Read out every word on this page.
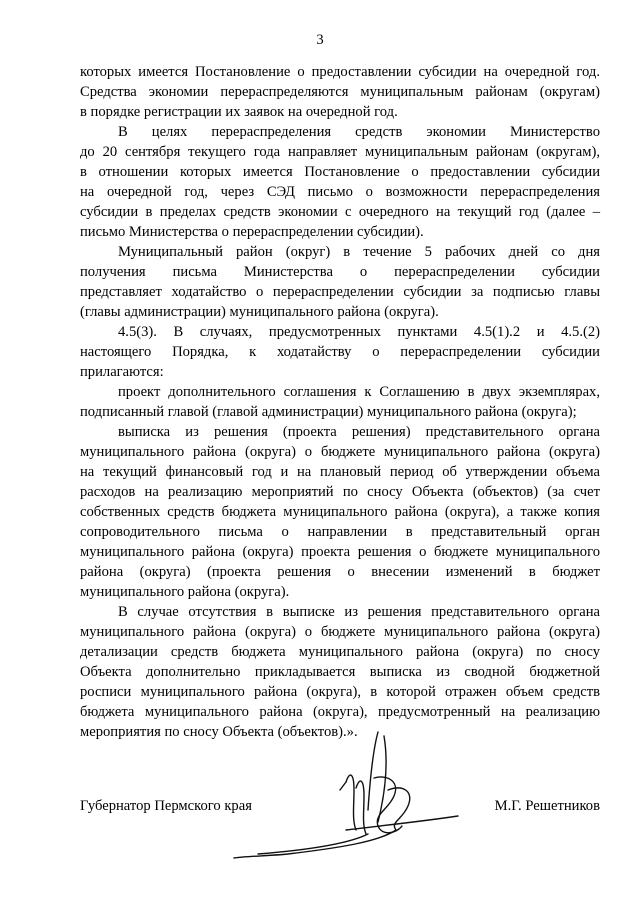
3
которых имеется Постановление о предоставлении субсидии на очередной год.
Средства экономии перераспределяются муниципальным районам (округам)
в порядке регистрации их заявок на очередной год.
В целях перераспределения средств экономии Министерство
до 20 сентября текущего года направляет муниципальным районам (округам),
в отношении которых имеется Постановление о предоставлении субсидии
на очередной год, через СЭД письмо о возможности перераспределения
субсидии в пределах средств экономии с очередного на текущий год (далее –
письмо Министерства о перераспределении субсидии).
Муниципальный район (округ) в течение 5 рабочих дней со дня
получения письма Министерства о перераспределении субсидии
представляет ходатайство о перераспределении субсидии за подписью главы
(главы администрации) муниципального района (округа).
4.5(3). В случаях, предусмотренных пунктами 4.5(1).2 и 4.5.(2)
настоящего Порядка, к ходатайству о перераспределении субсидии
прилагаются:
проект дополнительного соглашения к Соглашению в двух экземплярах,
подписанный главой (главой администрации) муниципального района (округа);
выписка из решения (проекта решения) представительного органа
муниципального района (округа) о бюджете муниципального района (округа)
на текущий финансовый год и на плановый период об утверждении объема
расходов на реализацию мероприятий по сносу Объекта (объектов) (за счет
собственных средств бюджета муниципального района (округа), а также копия
сопроводительного письма о направлении в представительный орган
муниципального района (округа) проекта решения о бюджете муниципального
района (округа) (проекта решения о внесении изменений в бюджет
муниципального района (округа).
В случае отсутствия в выписке из решения представительного органа
муниципального района (округа) о бюджете муниципального района (округа)
детализации средств бюджета муниципального района (округа) по сносу
Объекта дополнительно прикладывается выписка из сводной бюджетной
росписи муниципального района (округа), в которой отражен объем средств
бюджета муниципального района (округа), предусмотренный на реализацию
мероприятия по сносу Объекта (объектов).».
Губернатор Пермского края	М.Г. Решетников
